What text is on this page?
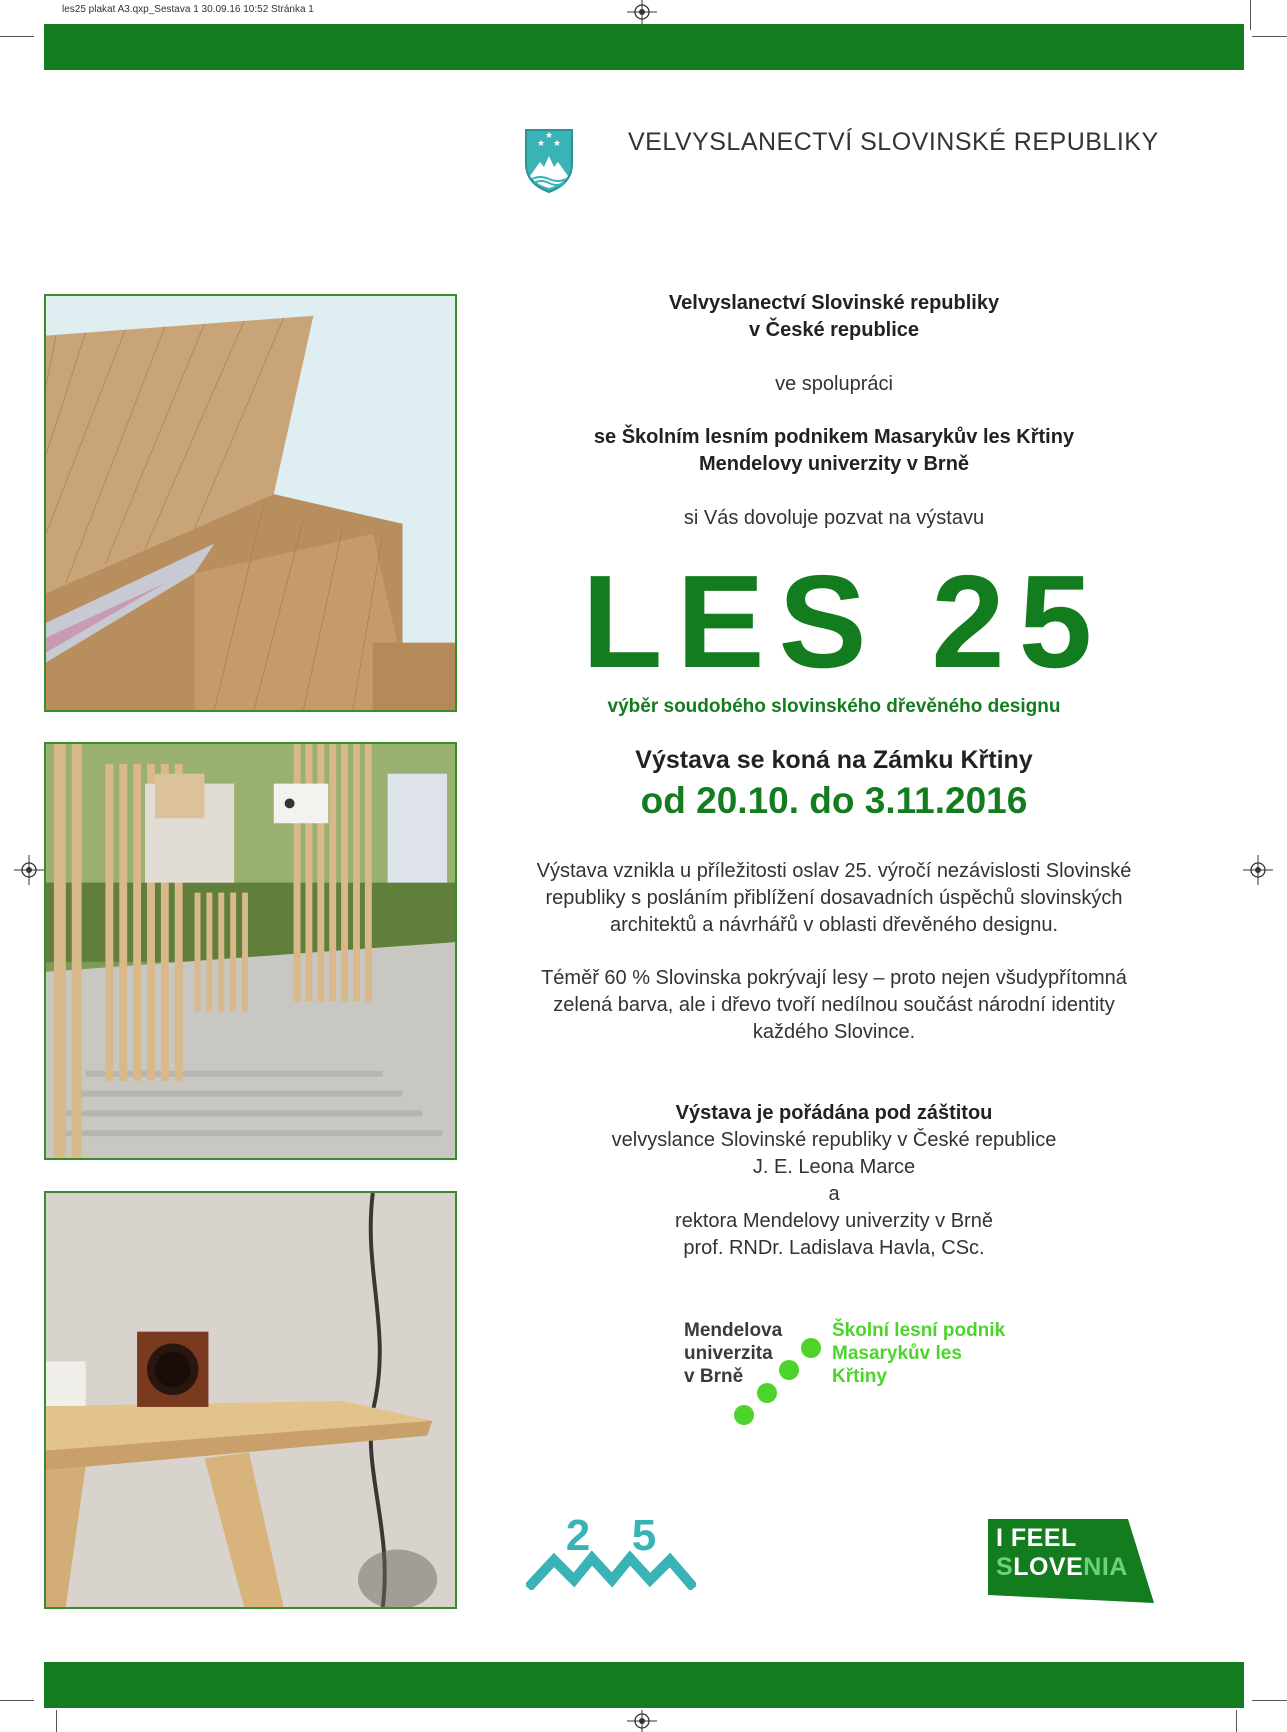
les25 plakat A3.qxp_Sestava 1 30.09.16 10:52 Stránka 1
★ ★
★	VELVYSLANECTVÍ SLOVINSKÉ REPUBLIKY

Velvyslanectví Slovinské republiky

v České republice

ve spolupráci

se Školním lesním podnikem Masarykův les Křtiny

Mendelovy univerzity v Brně

si Vás dovoluje pozvat na výstavu
LES 25
výběr soudobého slovinského dřevěného designu
Výstava se koná na Zámku Křtiny
od 20.10. do 3.11.2016

Výstava vznikla u příležitosti oslav 25. výročí nezávislosti Slovinské

republiky s posláním přiblížení dosavadních úspěchů slovinských

architektů a návrhářů v oblasti dřevěného designu.

Téměř 60 % Slovinska pokrývají lesy – proto nejen všudypřítomná

zelená barva, ale i dřevo tvoří nedílnou součást národní identity

každého Slovince.

Výstava je pořádána pod záštitou

velvyslance Slovinské republiky v České republice

J. E. Leona Marce

a

rektora Mendelovy univerzity v Brně

prof. RNDr. Ladislava Havla, CSc.

Mendelova
univerzita
v Brně
Školní lesní podnik
Masarykův les
Křtiny
2 5	I FEEL
SLOVENIA
